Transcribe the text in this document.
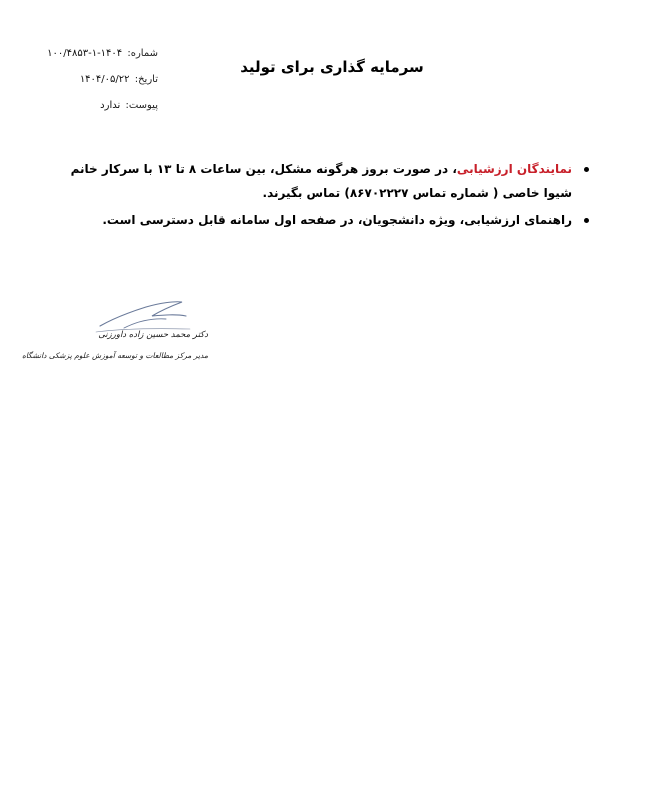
شماره: ۱۴۰۴-۱-۱۰۰/۴۸۵۳
تاریخ: ۱۴۰۴/۰۵/۲۲
پیوست: ندارد
سرمایه گذاری برای تولید
نمایندگان ارزشیابی، در صورت بروز هرگونه مشکل، بین ساعات ۸ تا ۱۳ با سرکار خانم شیوا خاصی ( شماره تماس ۸۶۷۰۲۲۲۷) تماس بگیرند.
راهنمای ارزشیابی، ویژه دانشجویان، در صفحه اول سامانه قابل دسترسی است.
دکتر محمد حسین زاده داورزنی
مدیر مرکز مطالعات و توسعه آموزش علوم پزشکی دانشگاه
